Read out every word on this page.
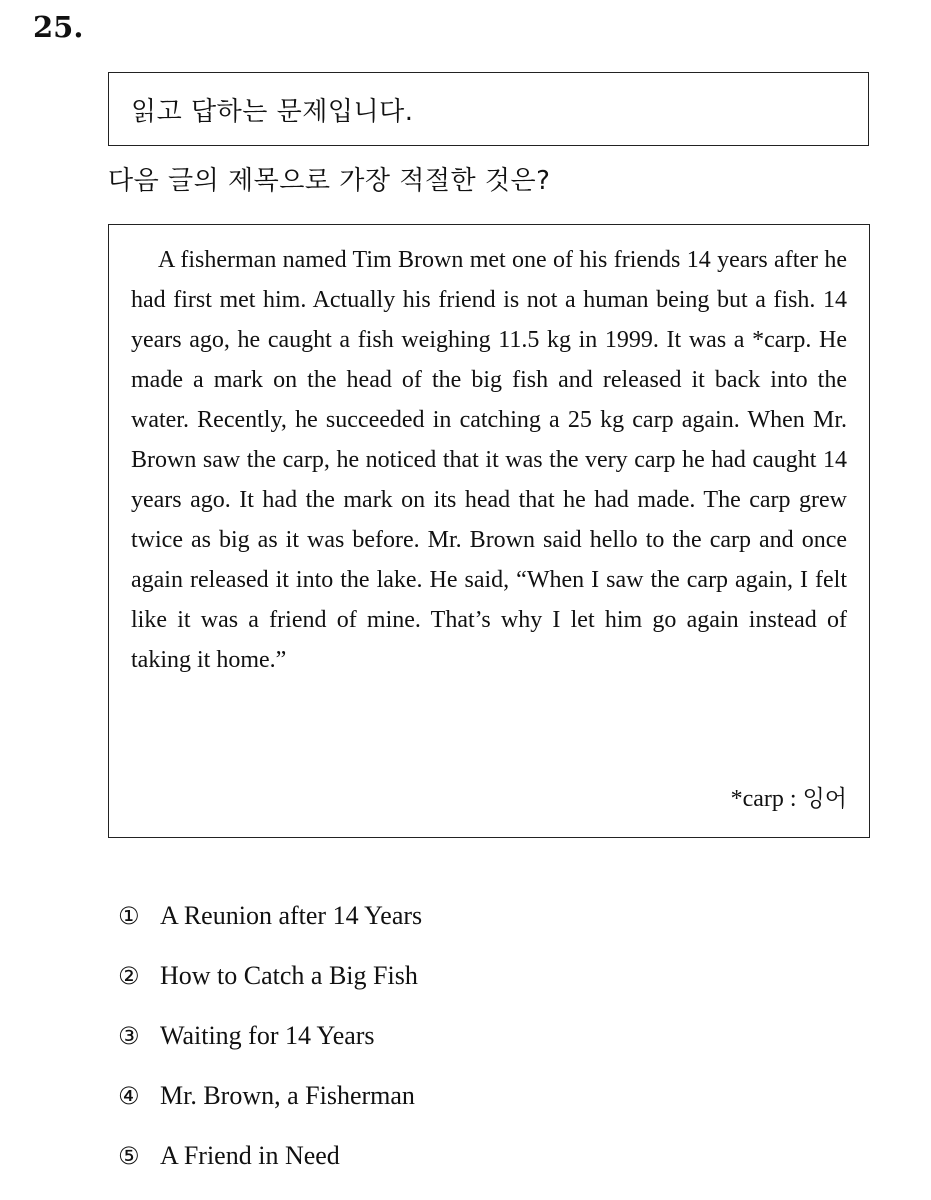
25.
읽고 답하는 문제입니다.
다음 글의 제목으로 가장 적절한 것은?

A fisherman named Tim Brown met one of his friends 14 years after he had first met him. Actually his friend is not a human being but a fish. 14 years ago, he caught a fish weighing 11.5 kg in 1999. It was a *carp. He made a mark on the head of the big fish and released it back into the water. Recently, he succeeded in catching a 25 kg carp again. When Mr. Brown saw the carp, he noticed that it was the very carp he had caught 14 years ago. It had the mark on its head that he had made. The carp grew twice as big as it was before. Mr. Brown said hello to the carp and once again released it into the lake. He said, “When I saw the carp again, I felt like it was a friend of mine. That’s why I let him go again instead of taking it home.”

*carp : 잉어
① A Reunion after 14 Years
② How to Catch a Big Fish
③ Waiting for 14 Years
④ Mr. Brown, a Fisherman
⑤ A Friend in Need
